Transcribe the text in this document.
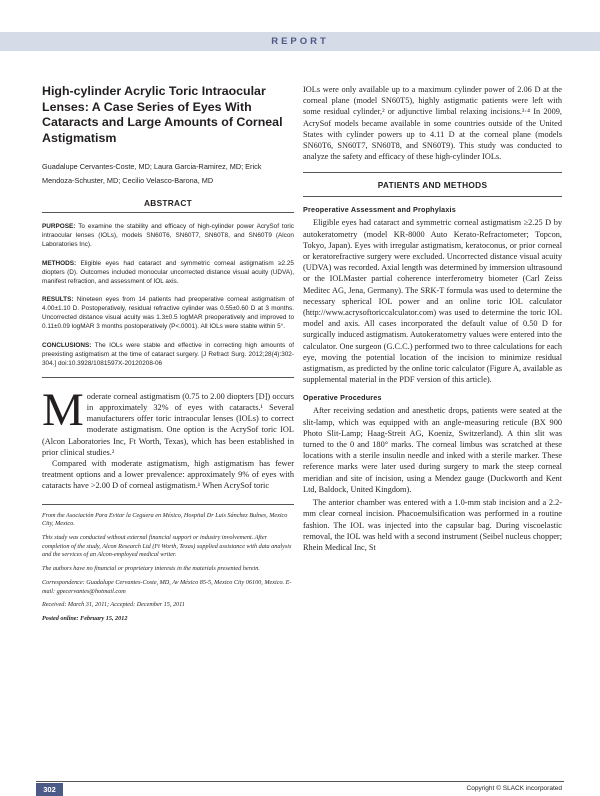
REPORT
High-cylinder Acrylic Toric Intraocular Lenses: A Case Series of Eyes With Cataracts and Large Amounts of Corneal Astigmatism

Guadalupe Cervantes-Coste, MD; Laura Garcia-Ramirez, MD; Erick Mendoza-Schuster, MD; Cecilio Velasco-Barona, MD

ABSTRACT

PURPOSE: To examine the stability and efficacy of high-cylinder power AcrySof toric intraocular lenses (IOLs), models SN60T6, SN60T7, SN60T8, and SN60T9 (Alcon Laboratories Inc).

METHODS: Eligible eyes had cataract and symmetric corneal astigmatism ≥2.25 diopters (D). Outcomes included monocular uncorrected distance visual acuity (UDVA), manifest refraction, and assessment of IOL axis.

RESULTS: Nineteen eyes from 14 patients had preoperative corneal astigmatism of 4.00±1.10 D. Postoperatively, residual refractive cylinder was 0.55±0.60 D at 3 months. Uncorrected distance visual acuity was 1.3±0.5 logMAR preoperatively and improved to 0.11±0.09 logMAR 3 months postoperatively (P<.0001). All IOLs were stable within 5°.

CONCLUSIONS: The IOLs were stable and effective in correcting high amounts of preexisting astigmatism at the time of cataract surgery. [J Refract Surg. 2012;28(4):302-304.] doi:10.3928/1081597X-20120208-06

M oderate corneal astigmatism (0.75 to 2.00 diopters [D]) occurs in approximately 32% of eyes with cataracts.¹ Several manufacturers offer toric intraocular lenses (IOLs) to correct moderate astigmatism. One option is the AcrySof toric IOL (Alcon Laboratories Inc, Ft Worth, Texas), which has been established in prior clinical studies.²

Compared with moderate astigmatism, high astigmatism has fewer treatment options and a lower prevalence: approximately 9% of eyes with cataracts have >2.00 D of corneal astigmatism.¹ When AcrySof toric

From the Asociación Para Evitar la Ceguera en México, Hospital Dr Luis Sánchez Bulnes, Mexico City, Mexico.

This study was conducted without external financial support or industry involvement. After completion of the study, Alcon Research Ltd (Ft Worth, Texas) supplied assistance with data analysis and the services of an Alcon-employed medical writer.

The authors have no financial or proprietary interests in the materials presented herein.

Correspondence: Guadalupe Cervantes-Coste, MD, Av México 85-5, Mexico City 06100, Mexico. E-mail: gpecervantes@hotmail.com

Received: March 31, 2011; Accepted: December 15, 2011

Posted online: February 15, 2012

IOLs were only available up to a maximum cylinder power of 2.06 D at the corneal plane (model SN60T5), highly astigmatic patients were left with some residual cylinder,² or adjunctive limbal relaxing incisions.³·⁴ In 2009, AcrySof models became available in some countries outside of the United States with cylinder powers up to 4.11 D at the corneal plane (models SN60T6, SN60T7, SN60T8, and SN60T9). This study was conducted to analyze the safety and efficacy of these high-cylinder IOLs.

PATIENTS AND METHODS
Preoperative Assessment and Prophylaxis

Eligible eyes had cataract and symmetric corneal astigmatism ≥2.25 D by autokeratometry (model KR-8000 Auto Kerato-Refractometer; Topcon, Tokyo, Japan). Eyes with irregular astigmatism, keratoconus, or prior corneal or keratorefractive surgery were excluded. Uncorrected distance visual acuity (UDVA) was recorded. Axial length was determined by immersion ultrasound or the IOLMaster partial coherence interferometry biometer (Carl Zeiss Meditec AG, Jena, Germany). The SRK-T formula was used to determine the necessary spherical IOL power and an online toric IOL calculator (http://www.acrysoftoriccalculator.com) was used to determine the toric IOL model and axis. All cases incorporated the default value of 0.50 D for surgically induced astigmatism. Autokeratometry values were entered into the calculator. One surgeon (G.C.C.) performed two to three calculations for each eye, moving the potential location of the incision to minimize residual astigmatism, as predicted by the online toric calculator (Figure A, available as supplemental material in the PDF version of this article).

Operative Procedures

After receiving sedation and anesthetic drops, patients were seated at the slit-lamp, which was equipped with an angle-measuring reticule (BX 900 Photo Slit-Lamp; Haag-Streit AG, Koeniz, Switzerland). A thin slit was turned to the 0 and 180° marks. The corneal limbus was scratched at these locations with a sterile insulin needle and inked with a sterile marker. These reference marks were later used during surgery to mark the steep corneal meridian and site of incision, using a Mendez gauge (Duckworth and Kent Ltd, Baldock, United Kingdom).

The anterior chamber was entered with a 1.0-mm stab incision and a 2.2-mm clear corneal incision. Phacoemulsification was performed in a routine fashion. The IOL was injected into the capsular bag. During viscoelastic removal, the IOL was held with a second instrument (Seibel nucleus chopper; Rhein Medical Inc, St

302	Copyright © SLACK incorporated
